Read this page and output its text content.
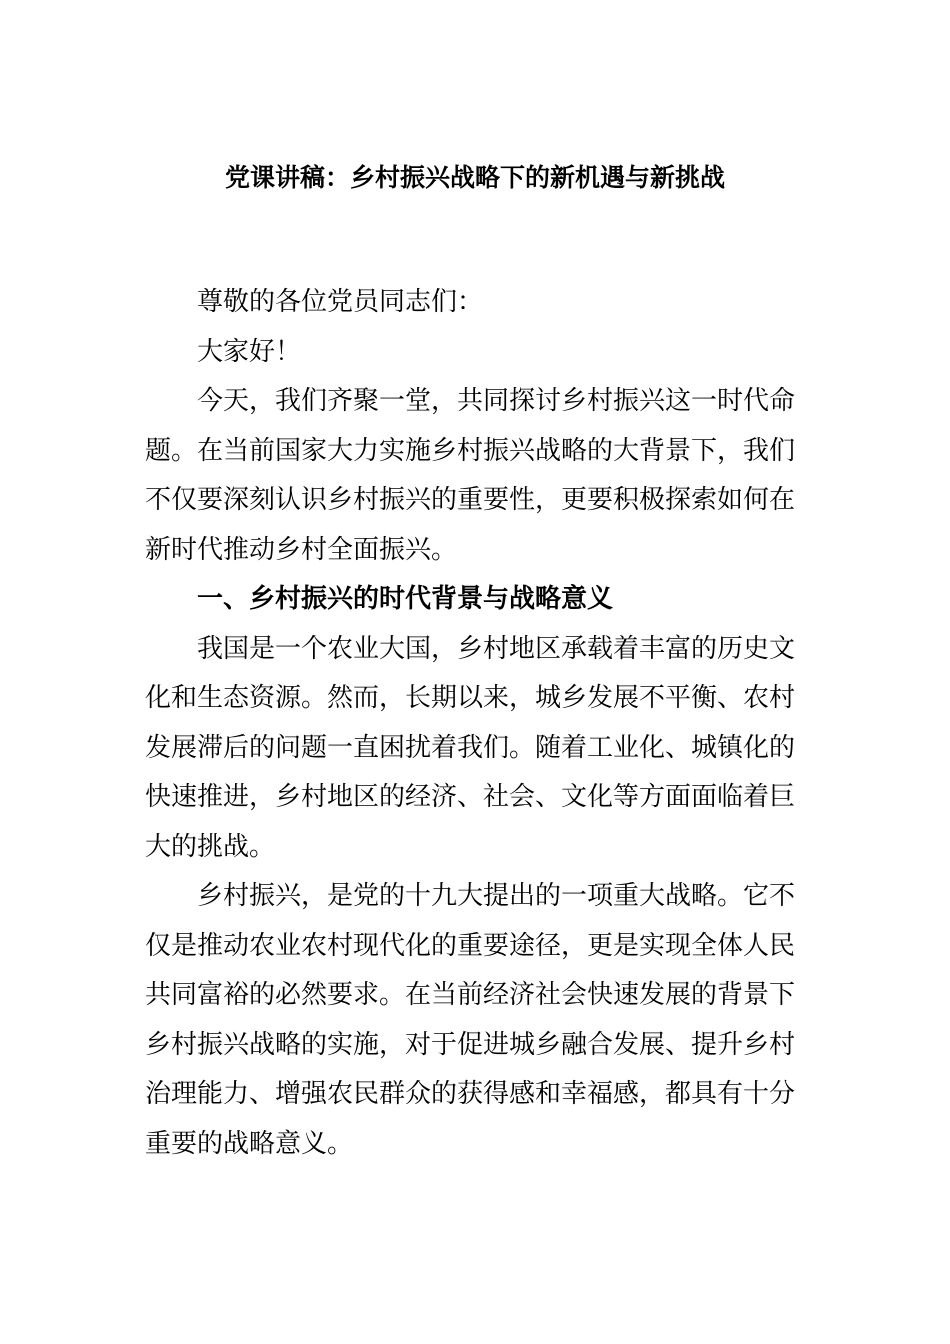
党课讲稿：乡村振兴战略下的新机遇与新挑战
尊敬的各位党员同志们：
大家好！
今天，我们齐聚一堂，共同探讨乡村振兴这一时代命
题。在当前国家大力实施乡村振兴战略的大背景下，我们
不仅要深刻认识乡村振兴的重要性，更要积极探索如何在
新时代推动乡村全面振兴。
一、乡村振兴的时代背景与战略意义
我国是一个农业大国，乡村地区承载着丰富的历史文
化和生态资源。然而，长期以来，城乡发展不平衡、农村
发展滞后的问题一直困扰着我们。随着工业化、城镇化的
快速推进，乡村地区的经济、社会、文化等方面面临着巨
大的挑战。
乡村振兴，是党的十九大提出的一项重大战略。它不
仅是推动农业农村现代化的重要途径，更是实现全体人民
共同富裕的必然要求。在当前经济社会快速发展的背景下
乡村振兴战略的实施，对于促进城乡融合发展、提升乡村
治理能力、增强农民群众的获得感和幸福感，都具有十分
重要的战略意义。
